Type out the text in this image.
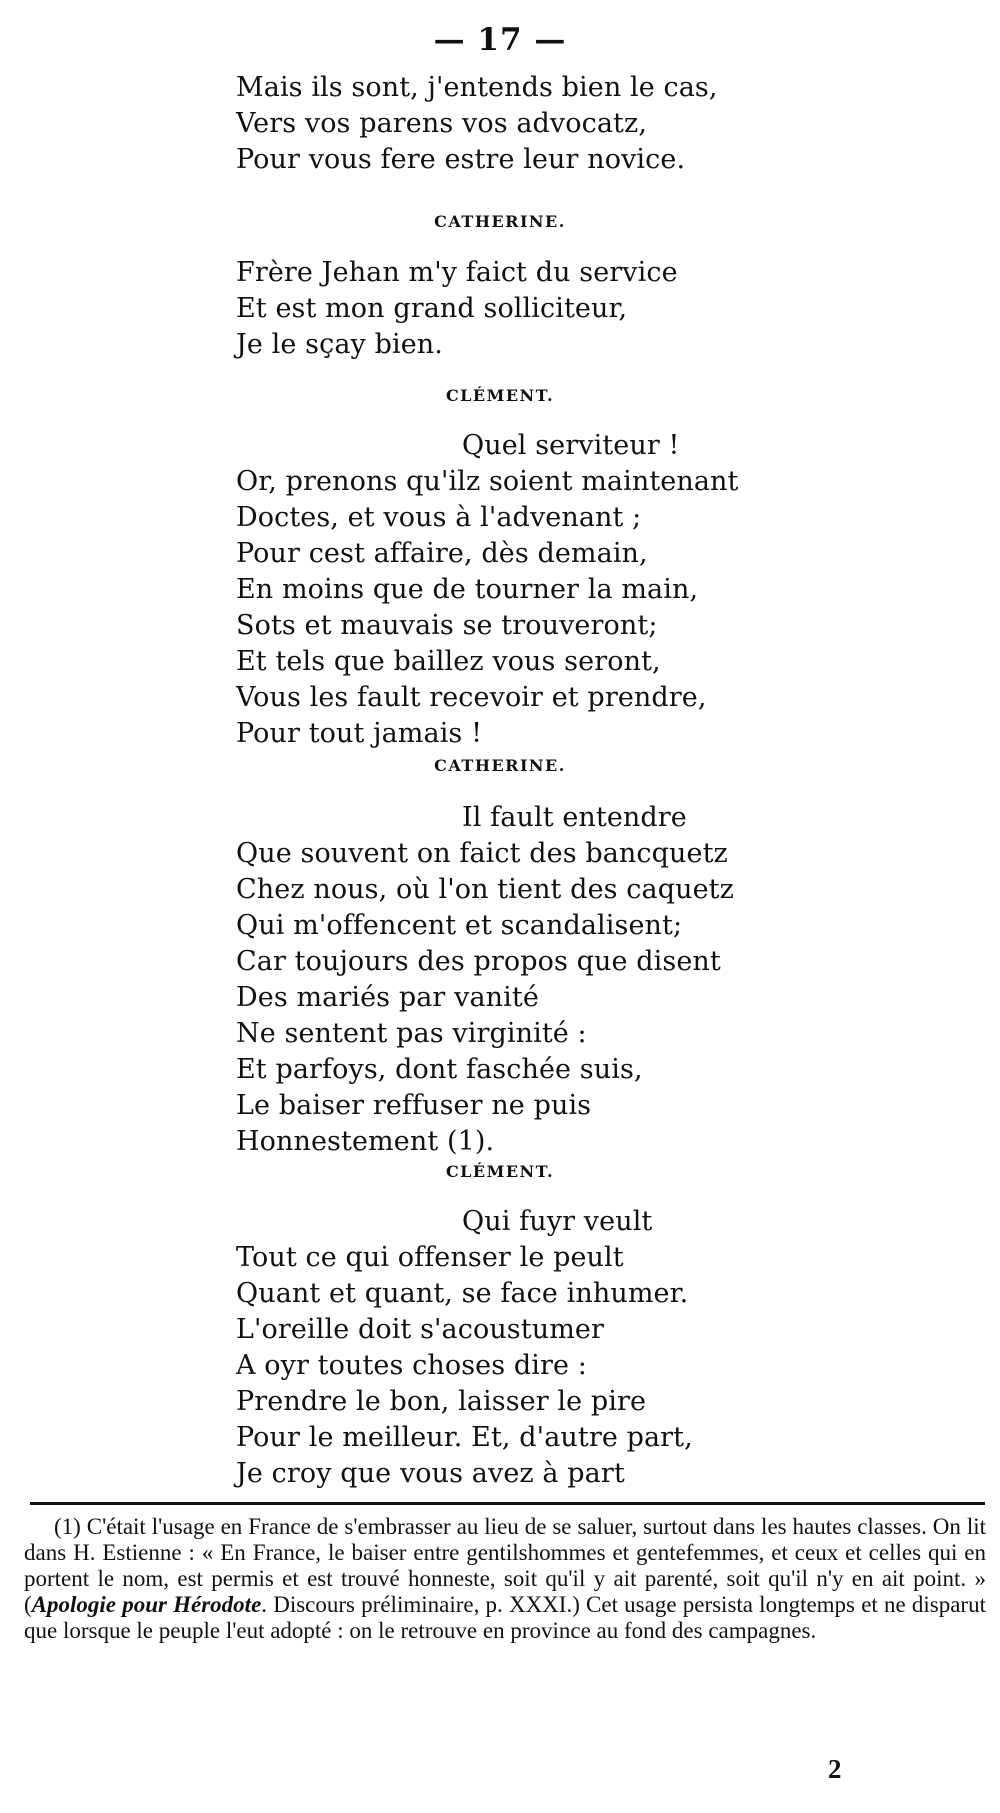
— 17 —
Mais ils sont, j'entends bien le cas,
Vers vos parens vos advocatz,
Pour vous fere estre leur novice.
CATHERINE.
Frère Jehan m'y faict du service
Et est mon grand solliciteur,
Je le sçay bien.
CLÉMENT.
Quel serviteur !
Or, prenons qu'ilz soient maintenant
Doctes, et vous à l'advenant ;
Pour cest affaire, dès demain,
En moins que de tourner la main,
Sots et mauvais se trouveront;
Et tels que baillez vous seront,
Vous les fault recevoir et prendre,
Pour tout jamais !
CATHERINE.
Il fault entendre
Que souvent on faict des bancquetz
Chez nous, où l'on tient des caquetz
Qui m'offencent et scandalisent;
Car toujours des propos que disent
Des mariés par vanité
Ne sentent pas virginité :
Et parfoys, dont faschée suis,
Le baiser reffuser ne puis
Honnestement (1).
CLÉMENT.
Qui fuyr veult
Tout ce qui offenser le peult
Quant et quant, se face inhumer.
L'oreille doit s'acoustumer
A oyr toutes choses dire :
Prendre le bon, laisser le pire
Pour le meilleur. Et, d'autre part,
Je croy que vous avez à part
(1) C'était l'usage en France de s'embrasser au lieu de se saluer, surtout dans les hautes classes. On lit dans H. Estienne : « En France, le baiser entre gentilshommes et gentefemmes, et ceux et celles qui en portent le nom, est permis et est trouvé honneste, soit qu'il y ait parenté, soit qu'il n'y en ait point. » (Apologie pour Hérodote. Discours préliminaire, p. XXXI.) Cet usage persista longtemps et ne disparut que lorsque le peuple l'eut adopté : on le retrouve en province au fond des campagnes.
2
